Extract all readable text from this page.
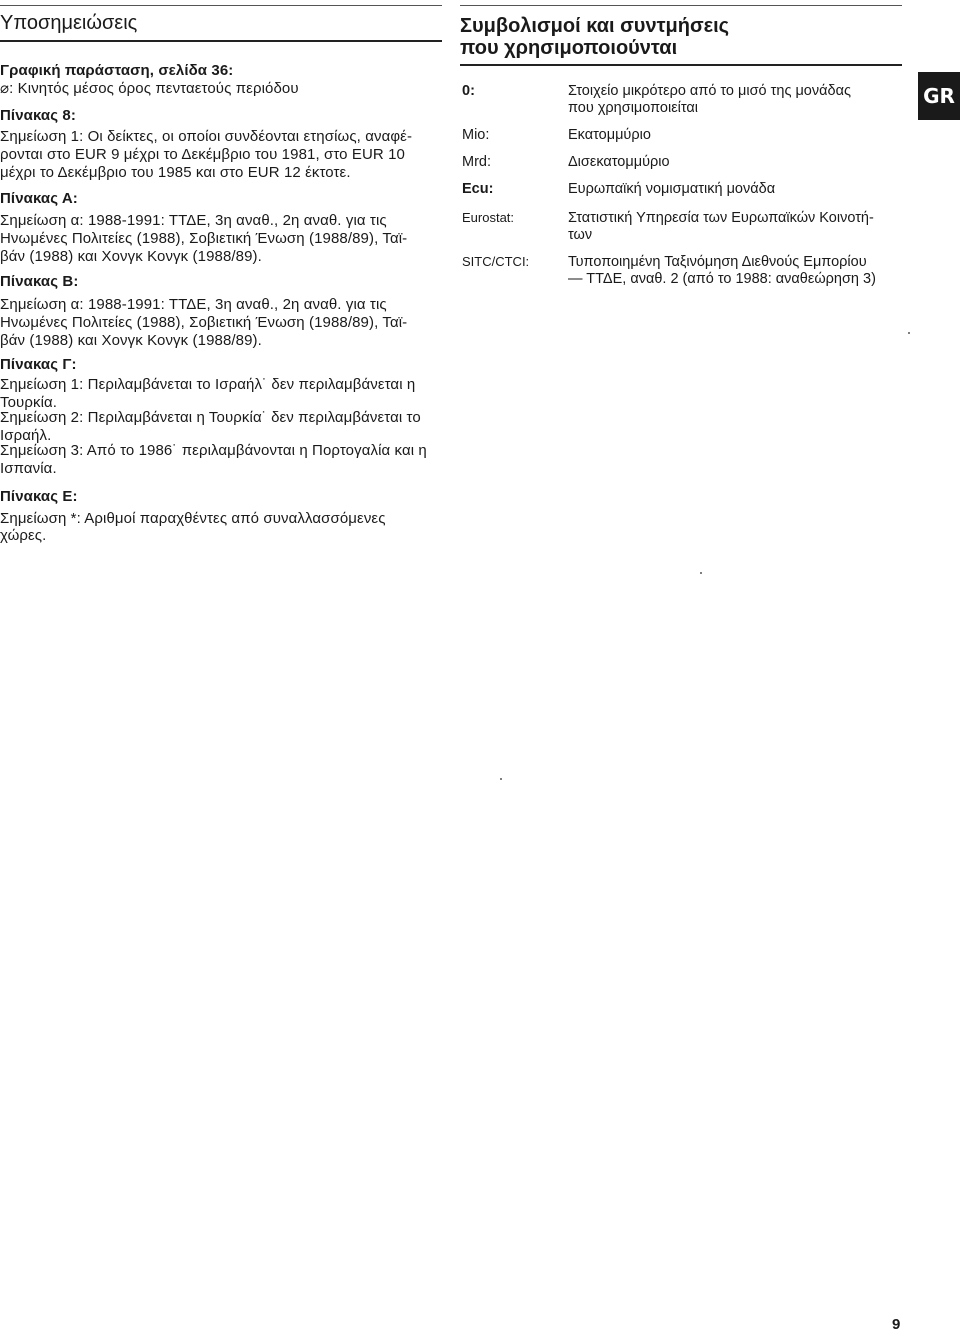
Υποσημειώσεις

Γραφική παράσταση, σελίδα 36:

⌀: Κινητός μέσος όρος πενταετούς περιόδου

Πίνακας 8:

Σημείωση 1: Οι δείκτες, οι οποίοι συνδέονται ετησίως, αναφέ-

ρονται στο EUR 9 μέχρι το Δεκέμβριο του 1981, στο EUR 10

μέχρι το Δεκέμβριο του 1985 και στο EUR 12 έκτοτε.

Πίνακας Α:

Σημείωση α: 1988-1991: ΤΤΔΕ, 3η αναθ., 2η αναθ. για τις

Ηνωμένες Πολιτείες (1988), Σοβιετική Ένωση (1988/89), Ταϊ-

βάν (1988) και Χονγκ Κονγκ (1988/89).

Πίνακας Β:

Σημείωση α: 1988-1991: ΤΤΔΕ, 3η αναθ., 2η αναθ. για τις

Ηνωμένες Πολιτείες (1988), Σοβιετική Ένωση (1988/89), Ταϊ-

βάν (1988) και Χονγκ Κονγκ (1988/89).

Πίνακας Γ:

Σημείωση 1: Περιλαμβάνεται το Ισραήλ˙ δεν περιλαμβάνεται η

Τουρκία.

Σημείωση 2: Περιλαμβάνεται η Τουρκία˙ δεν περιλαμβάνεται το

Ισραήλ.

Σημείωση 3: Από το 1986˙ περιλαμβάνονται η Πορτογαλία και η

Ισπανία.

Πίνακας Ε:

Σημείωση *: Αριθμοί παραχθέντες από συναλλασσόμενες

χώρες.

Συμβολισμοί και συντμήσεις
που χρησιμοποιούνται

0:	Στοιχείο μικρότερο από το μισό της μονάδας

που χρησιμοποιείται

Mio:	Εκατομμύριο

Mrd:	Δισεκατομμύριο

Ecu:	Ευρωπαϊκή νομισματική μονάδα

Eurostat:	Στατιστική Υπηρεσία των Ευρωπαϊκών Κοινοτή-

των

SITC/CTCI:	Τυποποιημένη Ταξινόμηση Διεθνούς Εμπορίου

— ΤΤΔΕ, αναθ. 2 (από το 1988: αναθεώρηση 3)

GR
9
